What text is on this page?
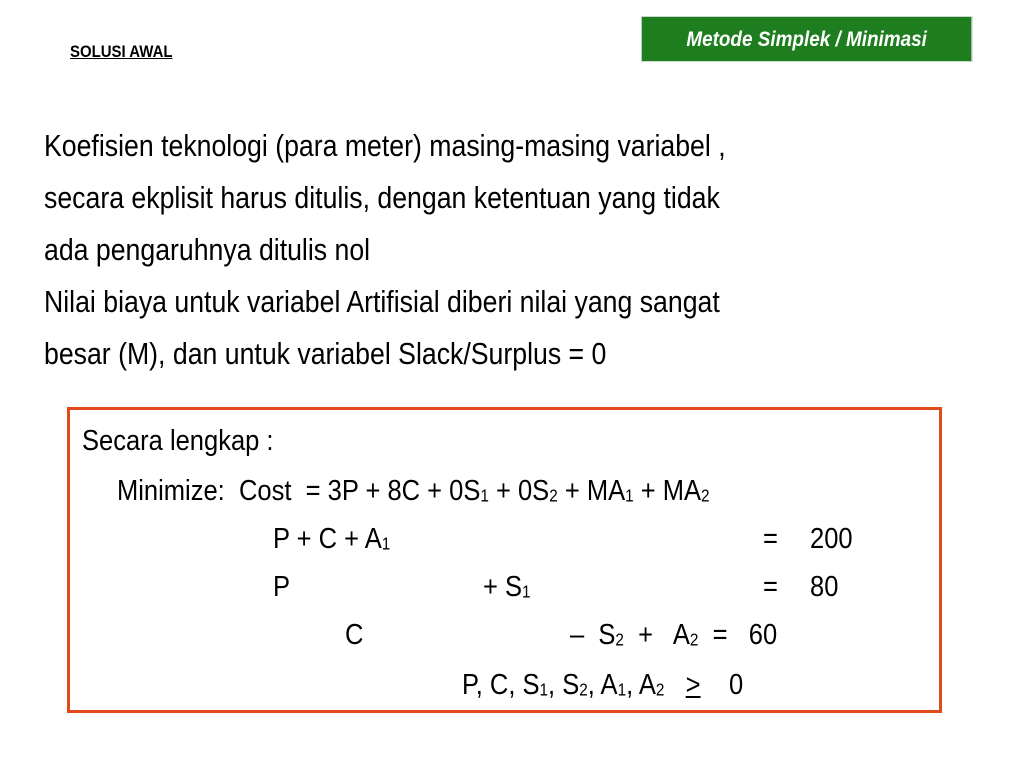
Metode Simplek / Minimasi
SOLUSI AWAL

Koefisien teknologi (para meter) masing-masing variabel ,

secara ekplisit harus ditulis, dengan ketentuan yang tidak

ada pengaruhnya ditulis nol

Nilai biaya untuk variabel Artifisial diberi nilai yang sangat

besar (M), dan untuk variabel Slack/Surplus = 0

Secara lengkap :
Minimize: Cost = $3P + 8C + 0S_1 + 0S_2 + MA_1 + MA_2$
$P + C + A_1$	= 200
P	+ $S_1$	= 80
C	–  $S_2 + A_2 = 60$
P, C, $S_1$, $S_2$, $A_1$, $A_2 > 0$
